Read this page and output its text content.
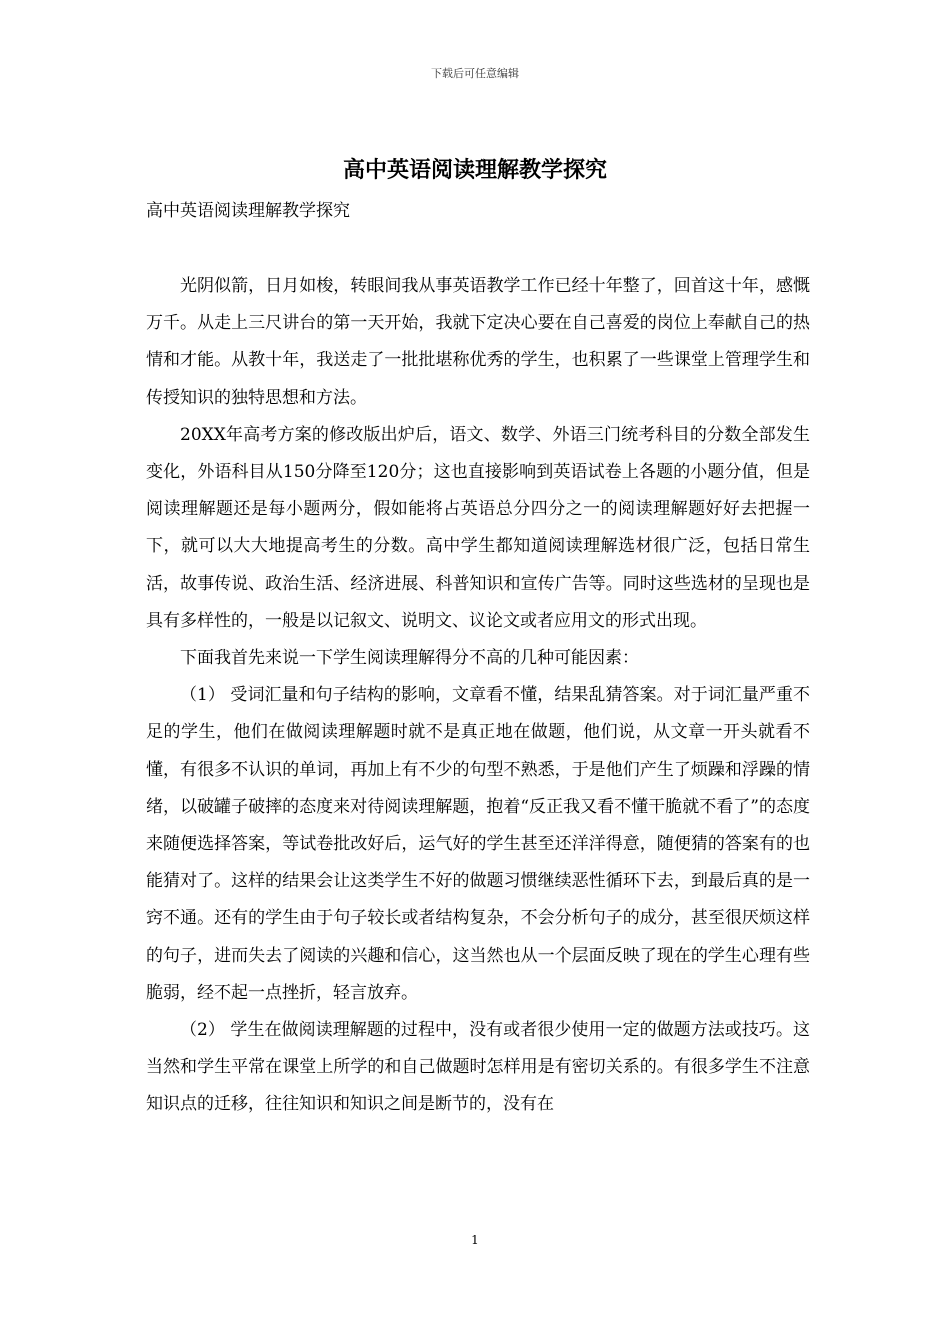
下载后可任意编辑
高中英语阅读理解教学探究

高中英语阅读理解教学探究

光阴似箭，日月如梭，转眼间我从事英语教学工作已经十年整了，回首这十年，感慨万千。从走上三尺讲台的第一天开始，我就下定决心要在自己喜爱的岗位上奉献自己的热情和才能。从教十年，我送走了一批批堪称优秀的学生，也积累了一些课堂上管理学生和传授知识的独特思想和方法。

20XX年高考方案的修改版出炉后，语文、数学、外语三门统考科目的分数全部发生变化，外语科目从150分降至120分；这也直接影响到英语试卷上各题的小题分值，但是阅读理解题还是每小题两分，假如能将占英语总分四分之一的阅读理解题好好去把握一下，就可以大大地提高考生的分数。高中学生都知道阅读理解选材很广泛，包括日常生活，故事传说、政治生活、经济进展、科普知识和宣传广告等。同时这些选材的呈现也是具有多样性的，一般是以记叙文、说明文、议论文或者应用文的形式出现。

下面我首先来说一下学生阅读理解得分不高的几种可能因素：

（1） 受词汇量和句子结构的影响，文章看不懂，结果乱猜答案。对于词汇量严重不足的学生，他们在做阅读理解题时就不是真正地在做题，他们说，从文章一开头就看不懂，有很多不认识的单词，再加上有不少的句型不熟悉，于是他们产生了烦躁和浮躁的情绪，以破罐子破摔的态度来对待阅读理解题，抱着“反正我又看不懂干脆就不看了”的态度来随便选择答案，等试卷批改好后，运气好的学生甚至还洋洋得意，随便猜的答案有的也能猜对了。这样的结果会让这类学生不好的做题习惯继续恶性循环下去，到最后真的是一窍不通。还有的学生由于句子较长或者结构复杂，不会分析句子的成分，甚至很厌烦这样的句子，进而失去了阅读的兴趣和信心，这当然也从一个层面反映了现在的学生心理有些脆弱，经不起一点挫折，轻言放弃。

（2） 学生在做阅读理解题的过程中，没有或者很少使用一定的做题方法或技巧。这当然和学生平常在课堂上所学的和自己做题时怎样用是有密切关系的。有很多学生不注意知识点的迁移，往往知识和知识之间是断节的，没有在

1
